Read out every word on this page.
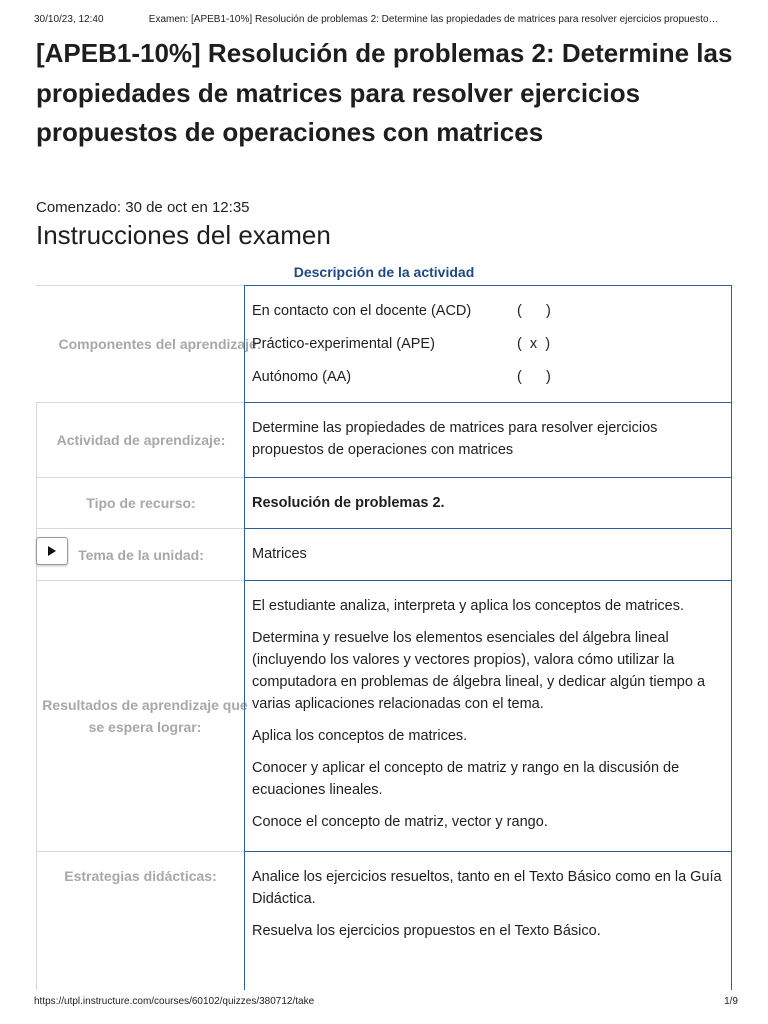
30/10/23, 12:40	Examen: [APEB1-10%] Resolución de problemas 2: Determine las propiedades de matrices para resolver ejercicios propuesto…
[APEB1-10%] Resolución de problemas 2: Determine las propiedades de matrices para resolver ejercicios propuestos de operaciones con matrices
Comenzado: 30 de oct en 12:35
Instrucciones del examen
Descripción de la actividad
Componentes del aprendizaje:
En contacto con el docente (ACD)	(      )
Práctico-experimental (APE)	(  x  )
Autónomo (AA)	(      )
Actividad de aprendizaje:
Determine las propiedades de matrices para resolver ejercicios propuestos de operaciones con matrices
Tipo de recurso:	Resolución de problemas 2.
Tema de la unidad:	Matrices
Resultados de aprendizaje que se espera lograr:

El estudiante analiza, interpreta y aplica los conceptos de matrices.

Determina y resuelve los elementos esenciales del álgebra lineal (incluyendo los valores y vectores propios), valora cómo utilizar la computadora en problemas de álgebra lineal, y dedicar algún tiempo a varias aplicaciones relacionadas con el tema.

Aplica los conceptos de matrices.

Conocer y aplicar el concepto de matriz y rango en la discusión de ecuaciones lineales.

Conoce el concepto de matriz, vector y rango.

Estrategias didácticas:	Analice los ejercicios resueltos, tanto en el Texto Básico como en la Guía Didáctica.

Resuelva los ejercicios propuestos en el Texto Básico.

https://utpl.instructure.com/courses/60102/quizzes/380712/take	1/9
